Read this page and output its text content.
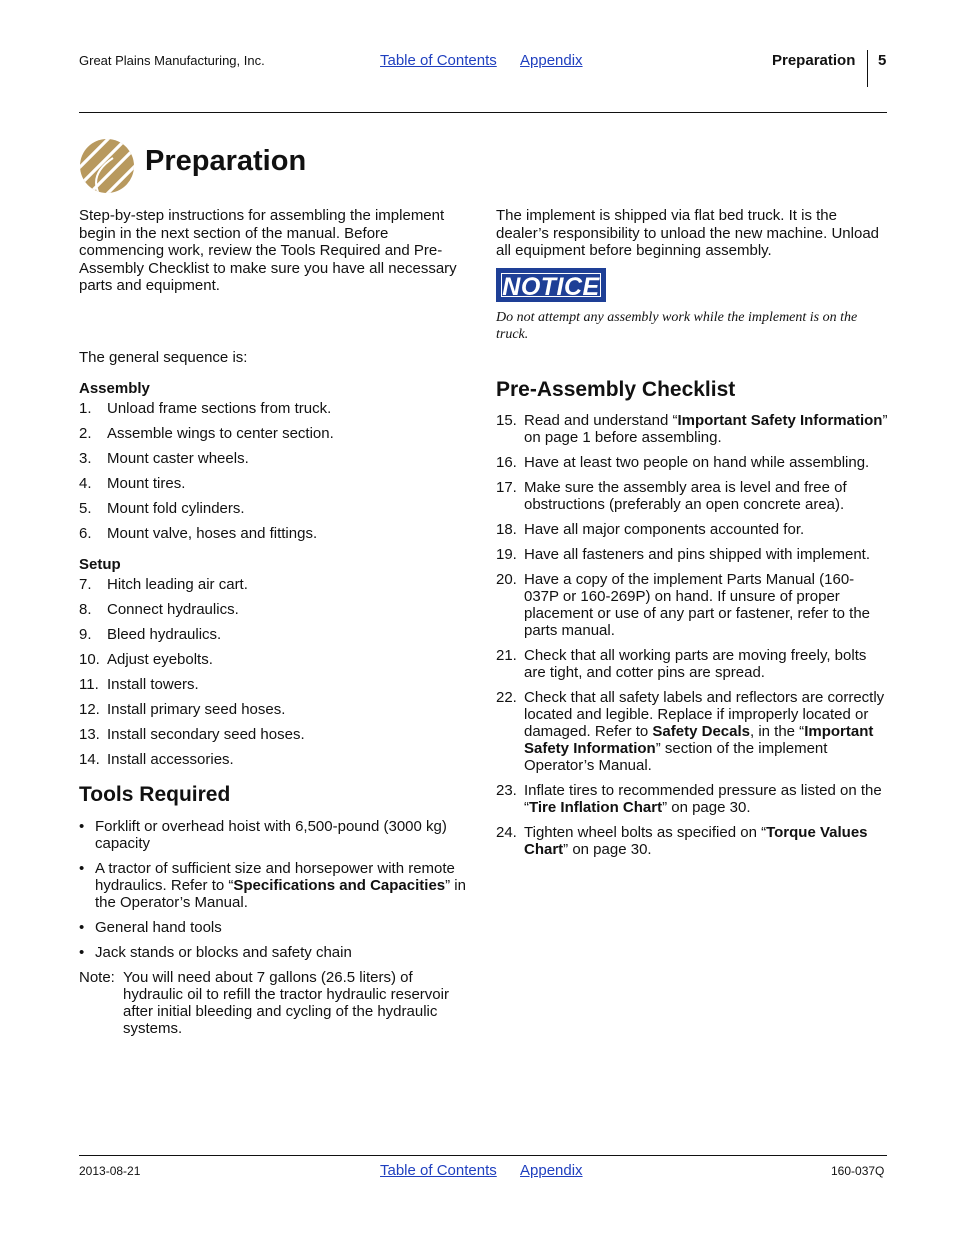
Great Plains Manufacturing, Inc.	Table of Contents Appendix	Preparation 5
Preparation

Step-by-step instructions for assembling the implement begin in the next section of the manual. Before commencing work, review the Tools Required and Pre-Assembly Checklist to make sure you have all necessary parts and equipment.

The general sequence is:

Assembly
1. Unload frame sections from truck.
2. Assemble wings to center section.
3. Mount caster wheels.
4. Mount tires.
5. Mount fold cylinders.
6. Mount valve, hoses and fittings.
Setup
7. Hitch leading air cart.
8. Connect hydraulics.
9. Bleed hydraulics.
10. Adjust eyebolts.
11. Install towers.
12. Install primary seed hoses.
13. Install secondary seed hoses.
14. Install accessories.
Tools Required
• Forklift or overhead hoist with 6,500-pound (3000 kg) capacity
• A tractor of sufficient size and horsepower with remote hydraulics. Refer to “Specifications and Capacities” in the Operator’s Manual.
• General hand tools
• Jack stands or blocks and safety chain
Note: You will need about 7 gallons (26.5 liters) of hydraulic oil to refill the tractor hydraulic reservoir after initial bleeding and cycling of the hydraulic systems.

The implement is shipped via flat bed truck. It is the dealer’s responsibility to unload the new machine. Unload all equipment before beginning assembly.

NOTICE
Do not attempt any assembly work while the implement is on the truck.
Pre-Assembly Checklist
15. Read and understand “Important Safety Information” on page 1 before assembling.
16. Have at least two people on hand while assembling.
17. Make sure the assembly area is level and free of obstructions (preferably an open concrete area).
18. Have all major components accounted for.
19. Have all fasteners and pins shipped with implement.
20. Have a copy of the implement Parts Manual (160-037P or 160-269P) on hand. If unsure of proper placement or use of any part or fastener, refer to the parts manual.
21. Check that all working parts are moving freely, bolts are tight, and cotter pins are spread.
22. Check that all safety labels and reflectors are correctly located and legible. Replace if improperly located or damaged. Refer to Safety Decals, in the “Important Safety Information” section of the implement Operator’s Manual.
23. Inflate tires to recommended pressure as listed on the “Tire Inflation Chart” on page 30.
24. Tighten wheel bolts as specified on “Torque Values Chart” on page 30.
2013-08-21	Table of Contents Appendix	160-037Q
